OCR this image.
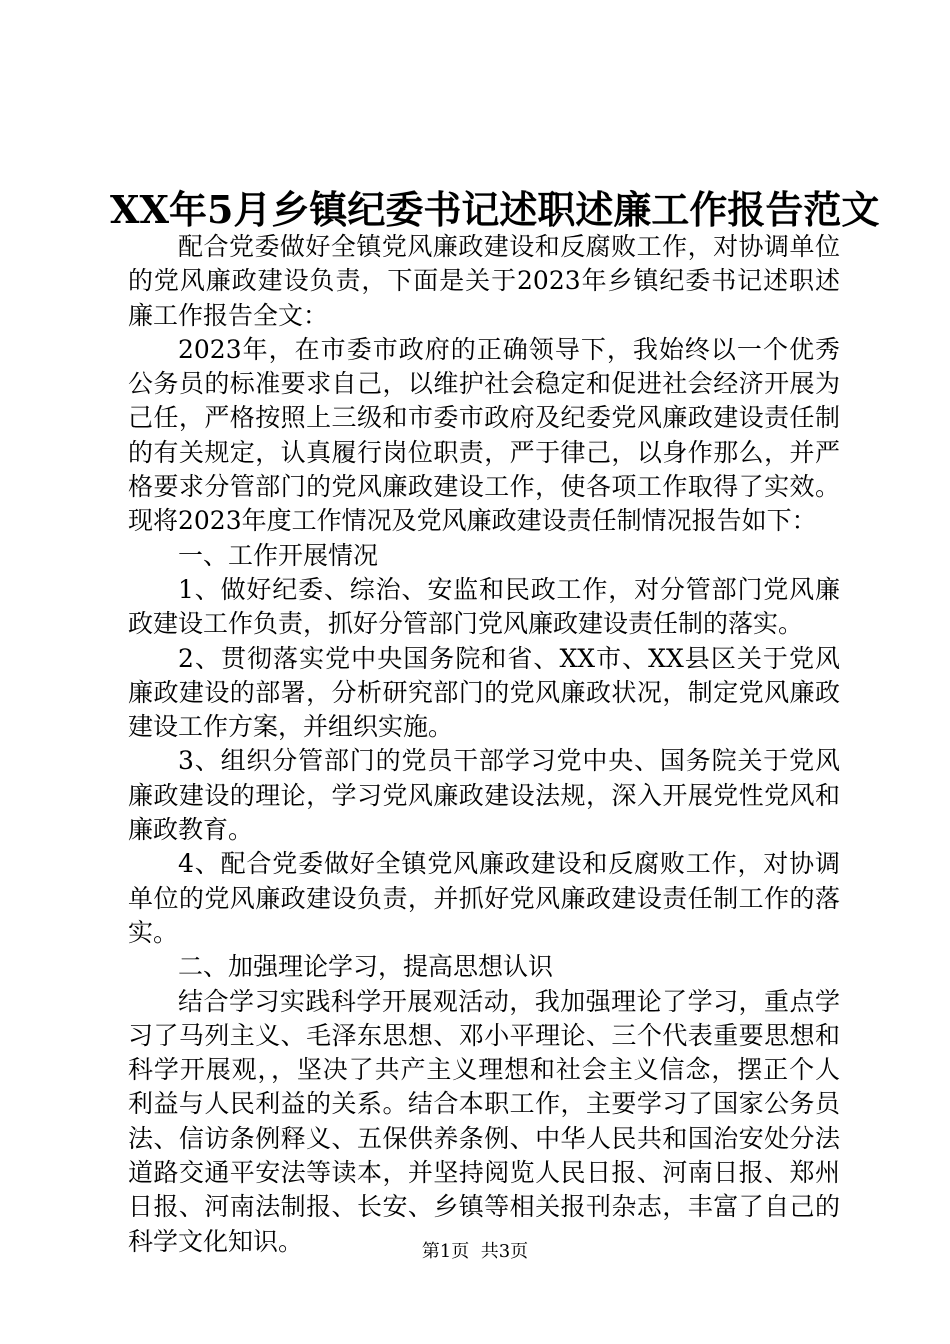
XX年5月乡镇纪委书记述职述廉工作报告范文

配合党委做好全镇党风廉政建设和反腐败工作，对协调单位的党风廉政建设负责，下面是关于2023年乡镇纪委书记述职述廉工作报告全文：

2023年，在市委市政府的正确领导下，我始终以一个优秀公务员的标准要求自己，以维护社会稳定和促进社会经济开展为己任，严格按照上三级和市委市政府及纪委党风廉政建设责任制的有关规定，认真履行岗位职责，严于律己，以身作那么，并严格要求分管部门的党风廉政建设工作，使各项工作取得了实效。现将2023年度工作情况及党风廉政建设责任制情况报告如下：

一、工作开展情况

1、做好纪委、综治、安监和民政工作，对分管部门党风廉政建设工作负责，抓好分管部门党风廉政建设责任制的落实。

2、贯彻落实党中央国务院和省、XX市、XX县区关于党风廉政建设的部署，分析研究部门的党风廉政状况，制定党风廉政建设工作方案，并组织实施。

3、组织分管部门的党员干部学习党中央、国务院关于党风廉政建设的理论，学习党风廉政建设法规，深入开展党性党风和廉政教育。

4、配合党委做好全镇党风廉政建设和反腐败工作，对协调单位的党风廉政建设负责，并抓好党风廉政建设责任制工作的落实。

二、加强理论学习，提高思想认识

结合学习实践科学开展观活动，我加强理论了学习，重点学习了马列主义、毛泽东思想、邓小平理论、三个代表重要思想和科学开展观，，坚决了共产主义理想和社会主义信念，摆正个人利益与人民利益的关系。结合本职工作，主要学习了国家公务员法、信访条例释义、五保供养条例、中华人民共和国治安处分法道路交通平安法等读本，并坚持阅览人民日报、河南日报、郑州日报、河南法制报、长安、乡镇等相关报刊杂志，丰富了自己的科学文化知识。	第1页 共3页
